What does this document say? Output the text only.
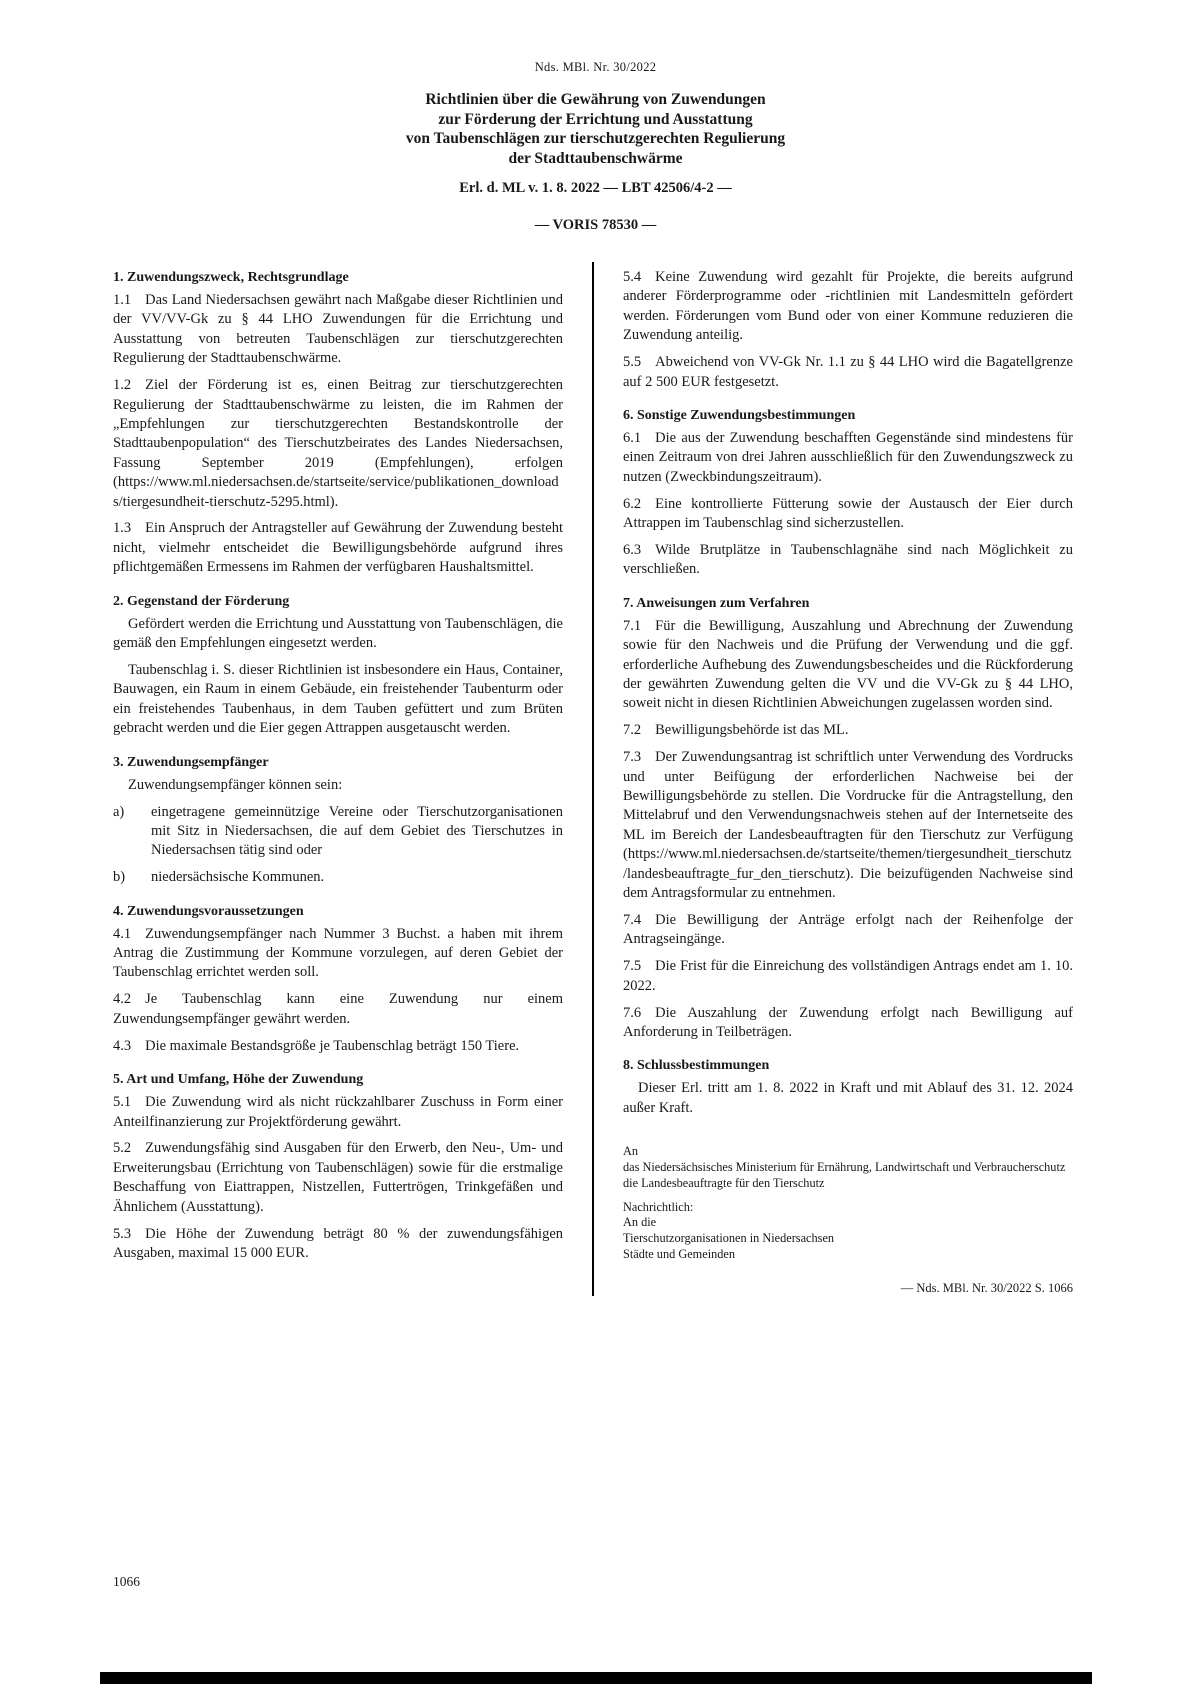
Nds. MBl. Nr. 30/2022
Richtlinien über die Gewährung von Zuwendungen
zur Förderung der Errichtung und Ausstattung
von Taubenschlägen zur tierschutzgerechten Regulierung
der Stadttaubenschwärme
Erl. d. ML v. 1. 8. 2022 — LBT 42506/4-2 —
— VORIS 78530 —
1. Zuwendungszweck, Rechtsgrundlage

1.1 Das Land Niedersachsen gewährt nach Maßgabe dieser Richtlinien und der VV/VV-Gk zu § 44 LHO Zuwendungen für die Errichtung und Ausstattung von betreuten Taubenschlägen zur tierschutzgerechten Regulierung der Stadttaubenschwärme.

1.2 Ziel der Förderung ist es, einen Beitrag zur tierschutzgerechten Regulierung der Stadttaubenschwärme zu leisten, die im Rahmen der „Empfehlungen zur tierschutzgerechten Bestandskontrolle der Stadttaubenpopulation“ des Tierschutzbeirates des Landes Niedersachsen, Fassung September 2019 (Empfehlungen), erfolgen (https://www.ml.niedersachsen.de/startseite/service/publikationen_downloads/tiergesundheit-tierschutz-5295.html).

1.3 Ein Anspruch der Antragsteller auf Gewährung der Zuwendung besteht nicht, vielmehr entscheidet die Bewilligungsbehörde aufgrund ihres pflichtgemäßen Ermessens im Rahmen der verfügbaren Haushaltsmittel.

2. Gegenstand der Förderung

Gefördert werden die Errichtung und Ausstattung von Taubenschlägen, die gemäß den Empfehlungen eingesetzt werden.

Taubenschlag i. S. dieser Richtlinien ist insbesondere ein Haus, Container, Bauwagen, ein Raum in einem Gebäude, ein freistehender Taubenturm oder ein freistehendes Taubenhaus, in dem Tauben gefüttert und zum Brüten gebracht werden und die Eier gegen Attrappen ausgetauscht werden.

3. Zuwendungsempfänger

Zuwendungsempfänger können sein:

a) eingetragene gemeinnützige Vereine oder Tierschutzorganisationen mit Sitz in Niedersachsen, die auf dem Gebiet des Tierschutzes in Niedersachsen tätig sind oder

b) niedersächsische Kommunen.

4. Zuwendungsvoraussetzungen

4.1 Zuwendungsempfänger nach Nummer 3 Buchst. a haben mit ihrem Antrag die Zustimmung der Kommune vorzulegen, auf deren Gebiet der Taubenschlag errichtet werden soll.

4.2 Je Taubenschlag kann eine Zuwendung nur einem Zuwendungsempfänger gewährt werden.

4.3 Die maximale Bestandsgröße je Taubenschlag beträgt 150 Tiere.

5. Art und Umfang, Höhe der Zuwendung

5.1 Die Zuwendung wird als nicht rückzahlbarer Zuschuss in Form einer Anteilfinanzierung zur Projektförderung gewährt.

5.2 Zuwendungsfähig sind Ausgaben für den Erwerb, den Neu-, Um- und Erweiterungsbau (Errichtung von Taubenschlägen) sowie für die erstmalige Beschaffung von Eiattrappen, Nistzellen, Futtertrögen, Trinkgefäßen und Ähnlichem (Ausstattung).

5.3 Die Höhe der Zuwendung beträgt 80 % der zuwendungsfähigen Ausgaben, maximal 15 000 EUR.

5.4 Keine Zuwendung wird gezahlt für Projekte, die bereits aufgrund anderer Förderprogramme oder -richtlinien mit Landesmitteln gefördert werden. Förderungen vom Bund oder von einer Kommune reduzieren die Zuwendung anteilig.

5.5 Abweichend von VV-Gk Nr. 1.1 zu § 44 LHO wird die Bagatellgrenze auf 2 500 EUR festgesetzt.

6. Sonstige Zuwendungsbestimmungen

6.1 Die aus der Zuwendung beschafften Gegenstände sind mindestens für einen Zeitraum von drei Jahren ausschließlich für den Zuwendungszweck zu nutzen (Zweckbindungszeitraum).

6.2 Eine kontrollierte Fütterung sowie der Austausch der Eier durch Attrappen im Taubenschlag sind sicherzustellen.

6.3 Wilde Brutplätze in Taubenschlagnähe sind nach Möglichkeit zu verschließen.

7. Anweisungen zum Verfahren

7.1 Für die Bewilligung, Auszahlung und Abrechnung der Zuwendung sowie für den Nachweis und die Prüfung der Verwendung und die ggf. erforderliche Aufhebung des Zuwendungsbescheides und die Rückforderung der gewährten Zuwendung gelten die VV und die VV-Gk zu § 44 LHO, soweit nicht in diesen Richtlinien Abweichungen zugelassen worden sind.

7.2 Bewilligungsbehörde ist das ML.

7.3 Der Zuwendungsantrag ist schriftlich unter Verwendung des Vordrucks und unter Beifügung der erforderlichen Nachweise bei der Bewilligungsbehörde zu stellen. Die Vordrucke für die Antragstellung, den Mittelabruf und den Verwendungsnachweis stehen auf der Internetseite des ML im Bereich der Landesbeauftragten für den Tierschutz zur Verfügung (https://www.ml.niedersachsen.de/startseite/themen/tiergesundheit_tierschutz/landesbeauftragte_fur_den_tierschutz). Die beizufügenden Nachweise sind dem Antragsformular zu entnehmen.

7.4 Die Bewilligung der Anträge erfolgt nach der Reihenfolge der Antragseingänge.

7.5 Die Frist für die Einreichung des vollständigen Antrags endet am 1. 10. 2022.

7.6 Die Auszahlung der Zuwendung erfolgt nach Bewilligung auf Anforderung in Teilbeträgen.

8. Schlussbestimmungen

Dieser Erl. tritt am 1. 8. 2022 in Kraft und mit Ablauf des 31. 12. 2024 außer Kraft.

An
das Niedersächsisches Ministerium für Ernährung, Landwirtschaft und Verbraucherschutz
die Landesbeauftragte für den Tierschutz
Nachrichtlich:
An die
Tierschutzorganisationen in Niedersachsen
Städte und Gemeinden
— Nds. MBl. Nr. 30/2022 S. 1066
1066
